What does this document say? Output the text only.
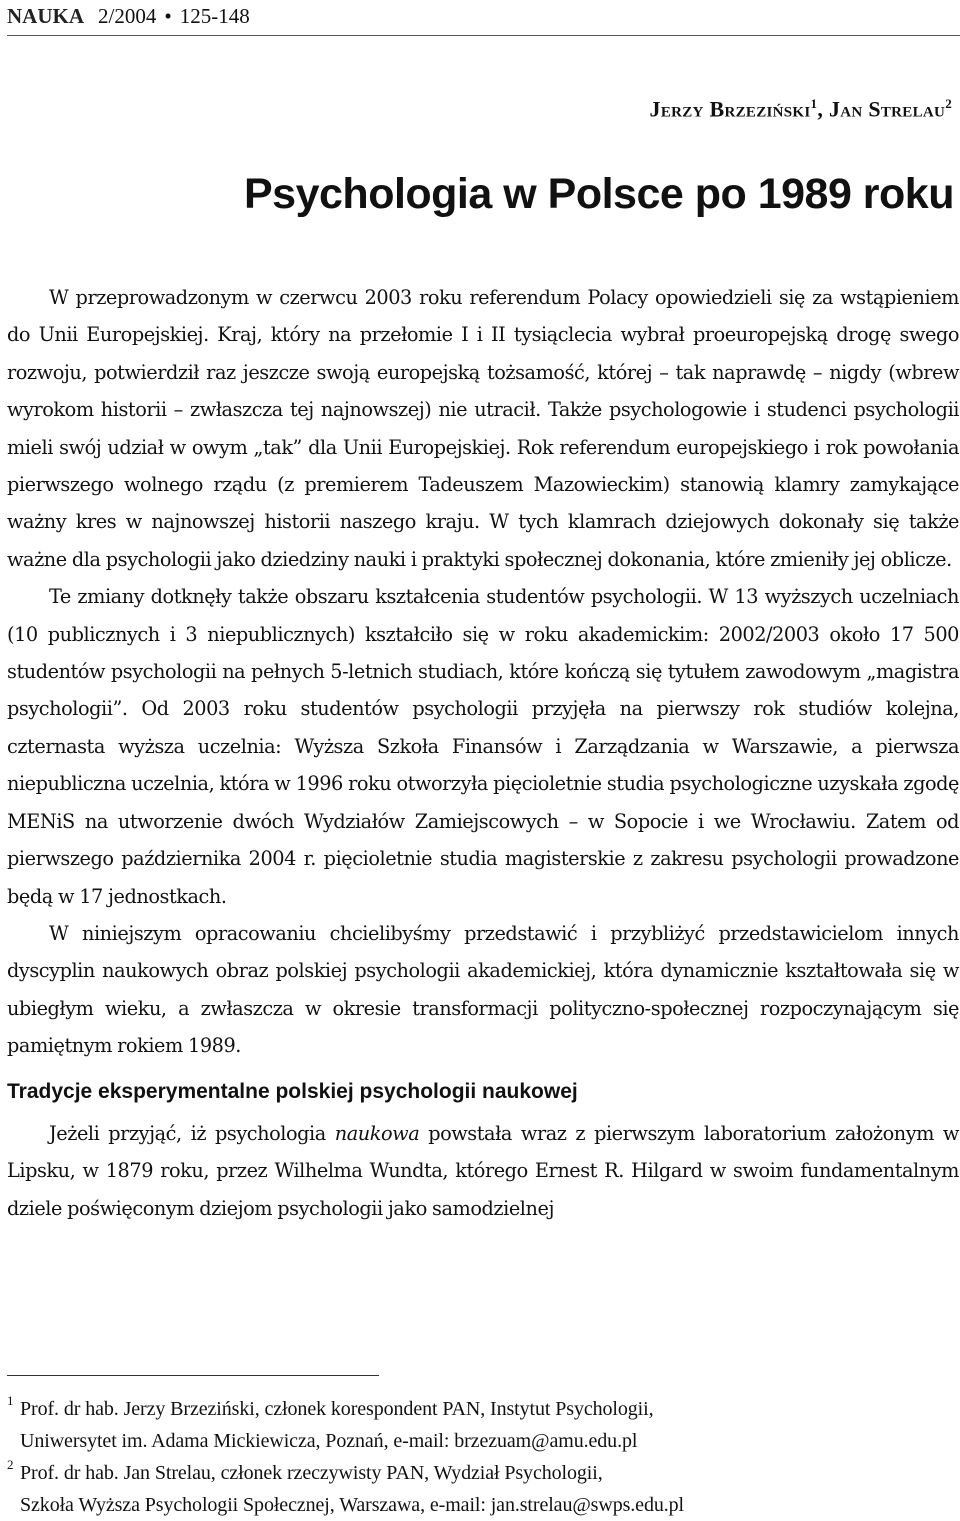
NAUKA 2/2004 • 125-148
Jerzy Brzeziński$^1$, Jan Strelau$^2$
Psychologia w Polsce po 1989 roku

W przeprowadzonym w czerwcu 2003 roku referendum Polacy opowiedzieli się za wstąpieniem do Unii Europejskiej. Kraj, który na przełomie I i II tysiąclecia wybrał proeuropejską drogę swego rozwoju, potwierdził raz jeszcze swoją europejską tożsamość, której – tak naprawdę – nigdy (wbrew wyrokom historii – zwłaszcza tej najnowszej) nie utracił. Także psychologowie i studenci psychologii mieli swój udział w owym „tak” dla Unii Europejskiej. Rok referendum europejskiego i rok powołania pierwszego wolnego rządu (z premierem Tadeuszem Mazowieckim) stanowią klamry zamykające ważny kres w najnowszej historii naszego kraju. W tych klamrach dziejowych dokonały się także ważne dla psychologii jako dziedziny nauki i praktyki społecznej dokonania, które zmieniły jej oblicze.

Te zmiany dotknęły także obszaru kształcenia studentów psychologii. W 13 wyższych uczelniach (10 publicznych i 3 niepublicznych) kształciło się w roku akademickim: 2002/2003 około 17 500 studentów psychologii na pełnych 5-letnich studiach, które kończą się tytułem zawodowym „magistra psychologii”. Od 2003 roku studentów psychologii przyjęła na pierwszy rok studiów kolejna, czternasta wyższa uczelnia: Wyższa Szkoła Finansów i Zarządzania w Warszawie, a pierwsza niepubliczna uczelnia, która w 1996 roku otworzyła pięcioletnie studia psychologiczne uzyskała zgodę MENiS na utworzenie dwóch Wydziałów Zamiejscowych – w Sopocie i we Wrocławiu. Zatem od pierwszego października 2004 r. pięcioletnie studia magisterskie z zakresu psychologii prowadzone będą w 17 jednostkach.

W niniejszym opracowaniu chcielibyśmy przedstawić i przybliżyć przedstawicielom innych dyscyplin naukowych obraz polskiej psychologii akademickiej, która dynamicznie kształtowała się w ubiegłym wieku, a zwłaszcza w okresie transformacji polityczno-społecznej rozpoczynającym się pamiętnym rokiem 1989.

Tradycje eksperymentalne polskiej psychologii naukowej

Jeżeli przyjąć, iż psychologia naukowa powstała wraz z pierwszym laboratorium założonym w Lipsku, w 1879 roku, przez Wilhelma Wundta, którego Ernest R. Hilgard w swoim fundamentalnym dziele poświęconym dziejom psychologii jako samodzielnej

1 Prof. dr hab. Jerzy Brzeziński, członek korespondent PAN, Instytut Psychologii,
Uniwersytet im. Adama Mickiewicza, Poznań, e-mail: brzezuam@amu.edu.pl
2 Prof. dr hab. Jan Strelau, członek rzeczywisty PAN, Wydział Psychologii,
Szkoła Wyższa Psychologii Społecznej, Warszawa, e-mail: jan.strelau@swps.edu.pl
